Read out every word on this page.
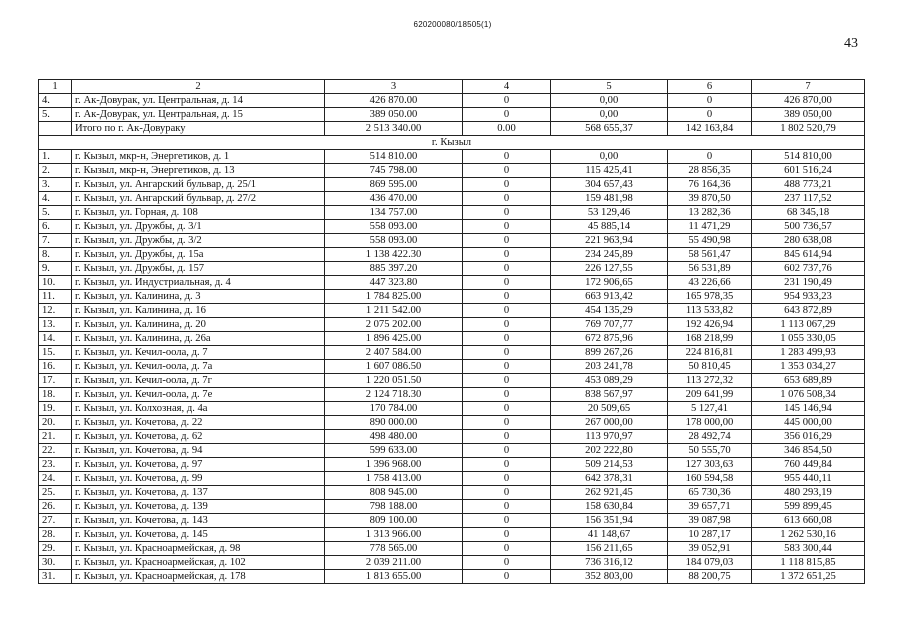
620200080/18505(1)
43
1	2	3	4	5	6	7
4.	г. Ак-Довурак, ул. Центральная, д. 14	426 870.00	0	0,00	0	426 870,00
5.	г. Ак-Довурак, ул. Центральная, д. 15	389 050.00	0	0,00	0	389 050,00
	Итого по г. Ак-Довураку	2 513 340.00	0.00	568 655,37	142 163,84	1 802 520,79
г. Кызыл						
1.	г. Кызыл, мкр-н, Энергетиков, д. 1	514 810.00	0	0,00	0	514 810,00
2.	г. Кызыл, мкр-н, Энергетиков, д. 13	745 798.00	0	115 425,41	28 856,35	601 516,24
3.	г. Кызыл, ул. Ангарский бульвар, д. 25/1	869 595.00	0	304 657,43	76 164,36	488 773,21
4.	г. Кызыл, ул. Ангарский бульвар, д. 27/2	436 470.00	0	159 481,98	39 870,50	237 117,52
5.	г. Кызыл, ул. Горная, д. 108	134 757.00	0	53 129,46	13 282,36	68 345,18
6.	г. Кызыл, ул. Дружбы, д. 3/1	558 093.00	0	45 885,14	11 471,29	500 736,57
7.	г. Кызыл, ул. Дружбы, д. 3/2	558 093.00	0	221 963,94	55 490,98	280 638,08
8.	г. Кызыл, ул. Дружбы, д. 15а	1 138 422.30	0	234 245,89	58 561,47	845 614,94
9.	г. Кызыл, ул. Дружбы, д. 157	885 397.20	0	226 127,55	56 531,89	602 737,76
10.	г. Кызыл, ул. Индустриальная, д. 4	447 323.80	0	172 906,65	43 226,66	231 190,49
11.	г. Кызыл, ул. Калинина, д. 3	1 784 825.00	0	663 913,42	165 978,35	954 933,23
12.	г. Кызыл, ул. Калинина, д. 16	1 211 542.00	0	454 135,29	113 533,82	643 872,89
13.	г. Кызыл, ул. Калинина, д. 20	2 075 202.00	0	769 707,77	192 426,94	1 113 067,29
14.	г. Кызыл, ул. Калинина, д. 26а	1 896 425.00	0	672 875,96	168 218,99	1 055 330,05
15.	г. Кызыл, ул. Кечил-оола, д. 7	2 407 584.00	0	899 267,26	224 816,81	1 283 499,93
16.	г. Кызыл, ул. Кечил-оола, д. 7а	1 607 086.50	0	203 241,78	50 810,45	1 353 034,27
17.	г. Кызыл, ул. Кечил-оола, д. 7г	1 220 051.50	0	453 089,29	113 272,32	653 689,89
18.	г. Кызыл, ул. Кечил-оола, д. 7е	2 124 718.30	0	838 567,97	209 641,99	1 076 508,34
19.	г. Кызыл, ул. Колхозная, д. 4а	170 784.00	0	20 509,65	5 127,41	145 146,94
20.	г. Кызыл, ул. Кочетова, д. 22	890 000.00	0	267 000,00	178 000,00	445 000,00
21.	г. Кызыл, ул. Кочетова, д. 62	498 480.00	0	113 970,97	28 492,74	356 016,29
22.	г. Кызыл, ул. Кочетова, д. 94	599 633.00	0	202 222,80	50 555,70	346 854,50
23.	г. Кызыл, ул. Кочетова, д. 97	1 396 968.00	0	509 214,53	127 303,63	760 449,84
24.	г. Кызыл, ул. Кочетова, д. 99	1 758 413.00	0	642 378,31	160 594,58	955 440,11
25.	г. Кызыл, ул. Кочетова, д. 137	808 945.00	0	262 921,45	65 730,36	480 293,19
26.	г. Кызыл, ул. Кочетова, д. 139	798 188.00	0	158 630,84	39 657,71	599 899,45
27.	г. Кызыл, ул. Кочетова, д. 143	809 100.00	0	156 351,94	39 087,98	613 660,08
28.	г. Кызыл, ул. Кочетова, д. 145	1 313 966.00	0	41 148,67	10 287,17	1 262 530,16
29.	г. Кызыл, ул. Красноармейская, д. 98	778 565.00	0	156 211,65	39 052,91	583 300,44
30.	г. Кызыл, ул. Красноармейская, д. 102	2 039 211.00	0	736 316,12	184 079,03	1 118 815,85
31.	г. Кызыл, ул. Красноармейская, д. 178	1 813 655.00	0	352 803,00	88 200,75	1 372 651,25
